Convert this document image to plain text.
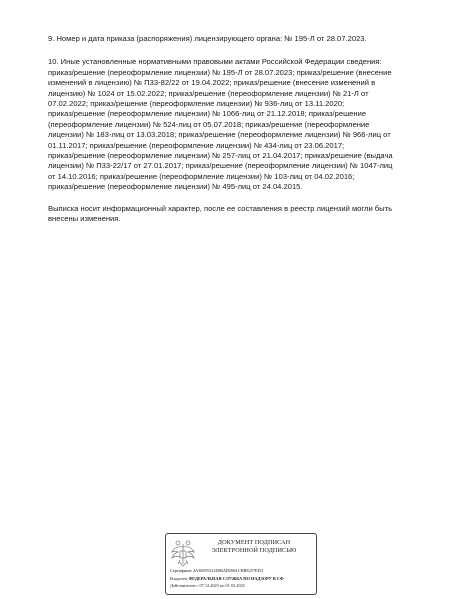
9. Номер и дата приказа (распоряжения) лицензирующего органа: № 195-Л от 28.07.2023.

10. Иные установленные нормативными правовыми актами Российской Федерации сведения:
приказ/решение (переоформление лицензии) № 195-Л от 28.07.2023; приказ/решение (внесение
изменений в лицензию) № П33-82/22 от 19.04.2022; приказ/решение (внесение изменений в
лицензию) № 1024 от 15.02.2022; приказ/решение (переоформление лицензии) № 21-Л от
07.02.2022; приказ/решение (переоформление лицензии) № 936-лиц от 13.11.2020;
приказ/решение (переоформление лицензии) № 1066-лиц от 21.12.2018; приказ/решение
(переоформление лицензии) № 524-лиц от 05.07.2018; приказ/решение (переоформление
лицензии) № 183-лиц от 13.03.2018; приказ/решение (переоформление лицензии) № 966-лиц от
01.11.2017; приказ/решение (переоформление лицензии) № 434-лиц от 23.06.2017;
приказ/решение (переоформление лицензии) № 257-лиц от 21.04.2017; приказ/решение (выдача
лицензии) № П33-22/17 от 27.01.2017; приказ/решение (переоформление лицензии) № 1047-лиц
от 14.10.2016; приказ/решение (переоформление лицензии) № 103-лиц от 04.02.2016;
приказ/решение (переоформление лицензии) № 495-лиц от 24.04.2015.

Выписка носит информационный характер, после ее составления в реестр лицензий могли быть
внесены изменения.

ДОКУМЕНТ ПОДПИСАН
ЭЛЕКТРОННОЙ ПОДПИСЬЮ
Сертификат 4A36955521E0BAD0861CBB8257ED3
Владелец ФЕДЕРАЛЬНАЯ СЛУЖБА ПО НАДЗОРУ В СФ
Действителен с 07.12.2023 по 01.03.2025
